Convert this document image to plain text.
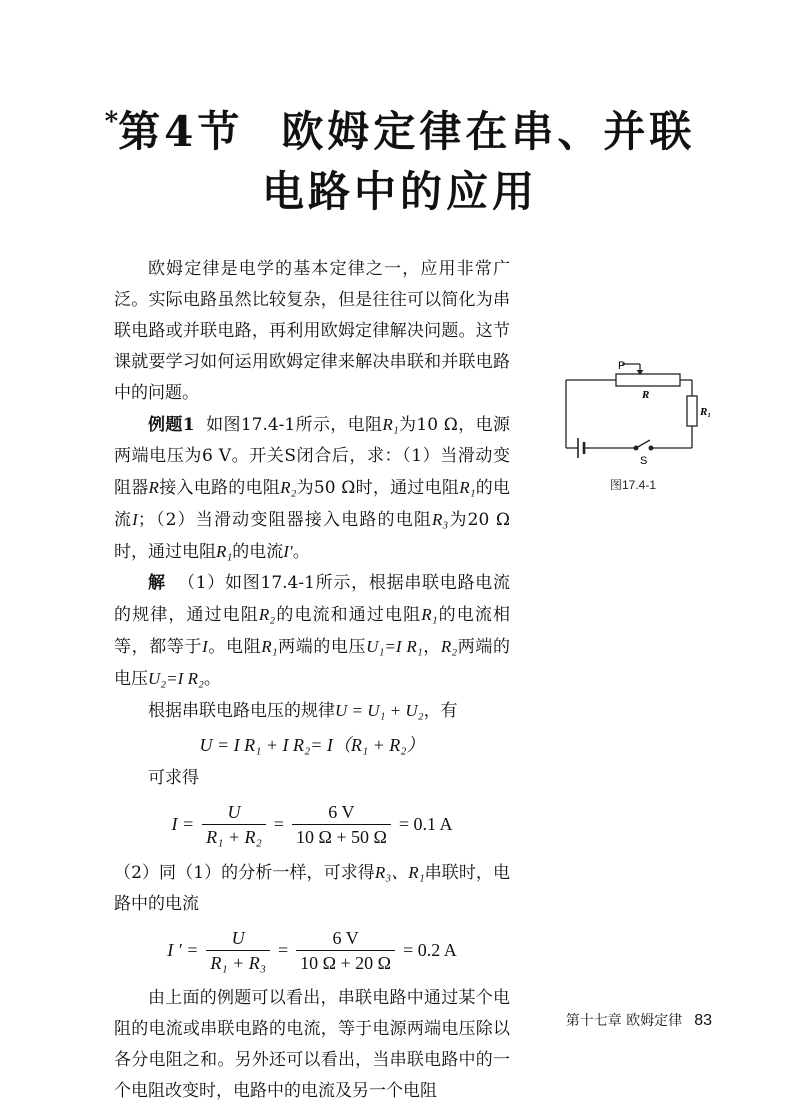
*第4节 欧姆定律在串、并联
电路中的应用

欧姆定律是电学的基本定律之一，应用非常广泛。实际电路虽然比较复杂，但是往往可以简化为串联电路或并联电路，再利用欧姆定律解决问题。这节课就要学习如何运用欧姆定律来解决串联和并联电路中的问题。

例题1 如图17.4-1所示，电阻R₁为10 Ω，电源两端电压为6 V。开关S闭合后，求：（1）当滑动变阻器R接入电路的电阻R₂为50 Ω时，通过电阻R₁的电流I；（2）当滑动变阻器接入电路的电阻R₃为20 Ω时，通过电阻R₁的电流I′。

解 （1）如图17.4-1所示，根据串联电路电流的规律，通过电阻R₂的电流和通过电阻R₁的电流相等，都等于I。电阻R₁两端的电压U₁=I R₁，R₂两端的电压U₂=I R₂。

根据串联电路电压的规律U = U₁ + U₂，有

U = I R₁ + I R₂= I（R₁ + R₂）

可求得

$I = \frac{U}{\text{R₁ + R₂}} = \frac{6 V}{10 \Omega + 50 \Omega} = 0.1$ A

（2）同（1）的分析一样，可求得R₃、R₁串联时，电路中的电流

I ′ = $\frac{U}{\text{R₁ + R₃}} = \frac{6 V}{10 \Omega + 20 \Omega} = 0.2$ A

由上面的例题可以看出，串联电路中通过某个电阻的电流或串联电路的电流，等于电源两端电压除以各分电阻之和。另外还可以看出，当串联电路中的一个电阻改变时，电路中的电流及另一个电阻

P
R
R₁
S
图17.4-1
第十七章 欧姆定律 83
